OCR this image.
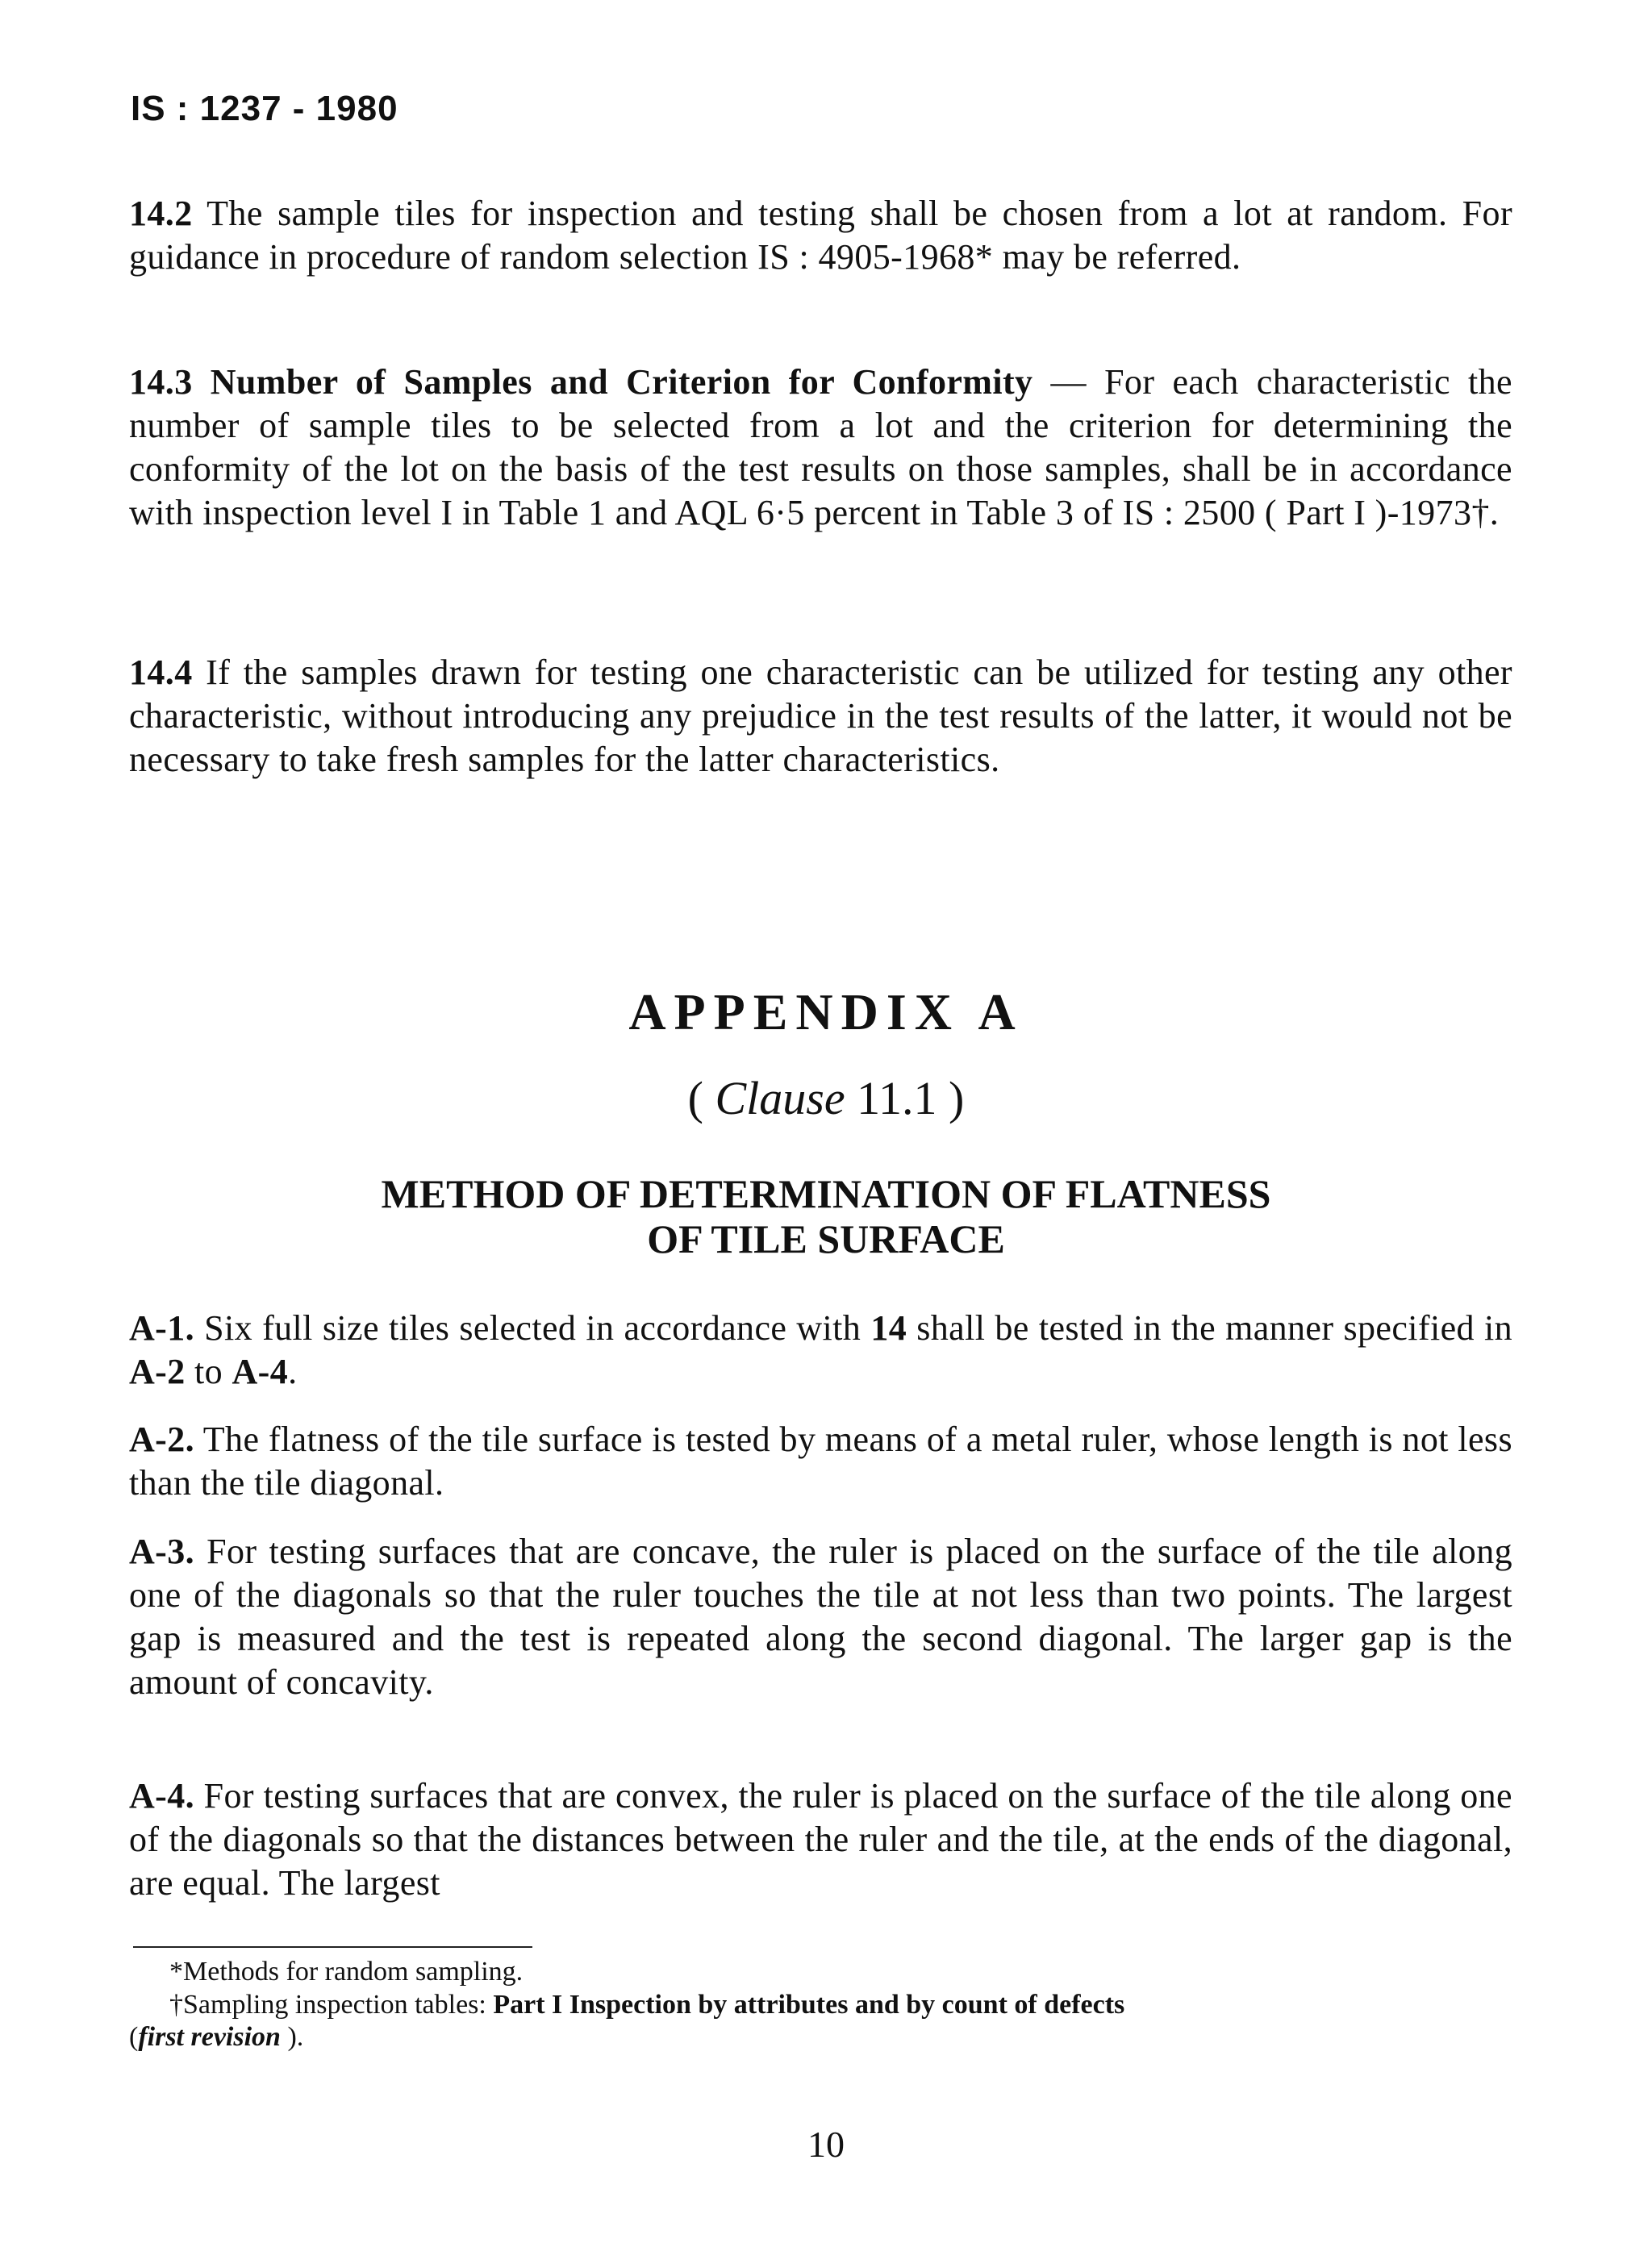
IS : 1237 - 1980

14.2 The sample tiles for inspection and testing shall be chosen from a lot at random. For guidance in procedure of random selection IS : 4905-1968* may be referred.

14.3 Number of Samples and Criterion for Conformity — For each characteristic the number of sample tiles to be selected from a lot and the criterion for determining the conformity of the lot on the basis of the test results on those samples, shall be in accordance with inspection level I in Table 1 and AQL 6·5 percent in Table 3 of IS : 2500 ( Part I )-1973†.

14.4 If the samples drawn for testing one characteristic can be utilized for testing any other characteristic, without introducing any prejudice in the test results of the latter, it would not be necessary to take fresh samples for the latter characteristics.

APPENDIX A
( Clause 11.1 )
METHOD OF DETERMINATION OF FLATNESS
OF TILE SURFACE

A-1. Six full size tiles selected in accordance with 14 shall be tested in the manner specified in A-2 to A-4.

A-2. The flatness of the tile surface is tested by means of a metal ruler, whose length is not less than the tile diagonal.

A-3. For testing surfaces that are concave, the ruler is placed on the surface of the tile along one of the diagonals so that the ruler touches the tile at not less than two points. The largest gap is measured and the test is repeated along the second diagonal. The larger gap is the amount of concavity.

A-4. For testing surfaces that are convex, the ruler is placed on the surface of the tile along one of the diagonals so that the distances between the ruler and the tile, at the ends of the diagonal, are equal. The largest

*Methods for random sampling.

†Sampling inspection tables: Part I Inspection by attributes and by count of defects
(first revision ).

10
